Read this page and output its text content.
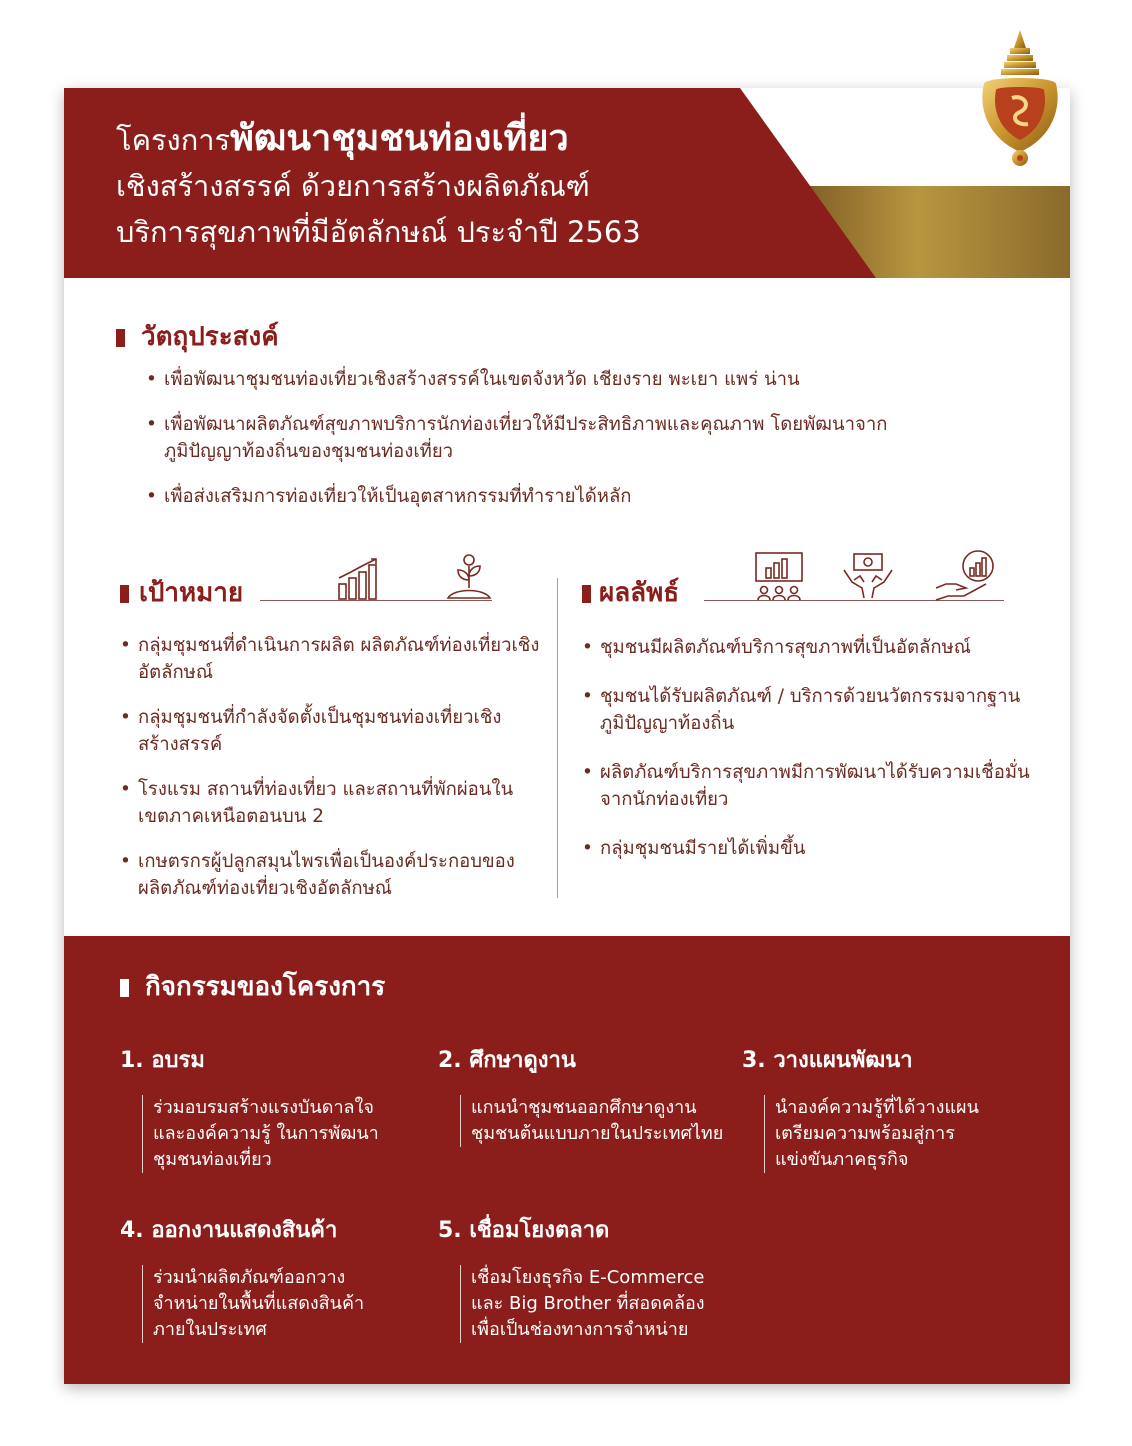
โครงการพัฒนาชุมชนท่องเที่ยว
เชิงสร้างสรรค์ ด้วยการสร้างผลิตภัณฑ์
บริการสุขภาพที่มีอัตลักษณ์ ประจำปี 2563
วัตถุประสงค์
• เพื่อพัฒนาชุมชนท่องเที่ยวเชิงสร้างสรรค์ในเขตจังหวัด เชียงราย พะเยา แพร่ น่าน
• เพื่อพัฒนาผลิตภัณฑ์สุขภาพบริการนักท่องเที่ยวให้มีประสิทธิภาพและคุณภาพ โดยพัฒนาจากภูมิปัญญาท้องถิ่นของชุมชนท่องเที่ยว
• เพื่อส่งเสริมการท่องเที่ยวให้เป็นอุตสาหกรรมที่ทำรายได้หลัก
เป้าหมาย
• กลุ่มชุมชนที่ดำเนินการผลิต ผลิตภัณฑ์ท่องเที่ยวเชิงอัตลักษณ์
• กลุ่มชุมชนที่กำลังจัดตั้งเป็นชุมชนท่องเที่ยวเชิงสร้างสรรค์
• โรงแรม สถานที่ท่องเที่ยว และสถานที่พักผ่อนในเขตภาคเหนือตอนบน 2
• เกษตรกรผู้ปลูกสมุนไพรเพื่อเป็นองค์ประกอบของผลิตภัณฑ์ท่องเที่ยวเชิงอัตลักษณ์
ผลลัพธ์
• ชุมชนมีผลิตภัณฑ์บริการสุขภาพที่เป็นอัตลักษณ์
• ชุมชนได้รับผลิตภัณฑ์ / บริการด้วยนวัตกรรมจากฐานภูมิปัญญาท้องถิ่น
• ผลิตภัณฑ์บริการสุขภาพมีการพัฒนาได้รับความเชื่อมั่นจากนักท่องเที่ยว
• กลุ่มชุมชนมีรายได้เพิ่มขึ้น
กิจกรรมของโครงการ
1. อบรม
ร่วมอบรมสร้างแรงบันดาลใจ
และองค์ความรู้ ในการพัฒนา
ชุมชนท่องเที่ยว
2. ศึกษาดูงาน
แกนนำชุมชนออกศึกษาดูงาน
ชุมชนต้นแบบภายในประเทศไทย
3. วางแผนพัฒนา
นำองค์ความรู้ที่ได้วางแผน
เตรียมความพร้อมสู่การ
แข่งขันภาคธุรกิจ
4. ออกงานแสดงสินค้า
ร่วมนำผลิตภัณฑ์ออกวาง
จำหน่ายในพื้นที่แสดงสินค้า
ภายในประเทศ
5. เชื่อมโยงตลาด
เชื่อมโยงธุรกิจ E-Commerce
และ Big Brother ที่สอดคล้อง
เพื่อเป็นช่องทางการจำหน่าย
